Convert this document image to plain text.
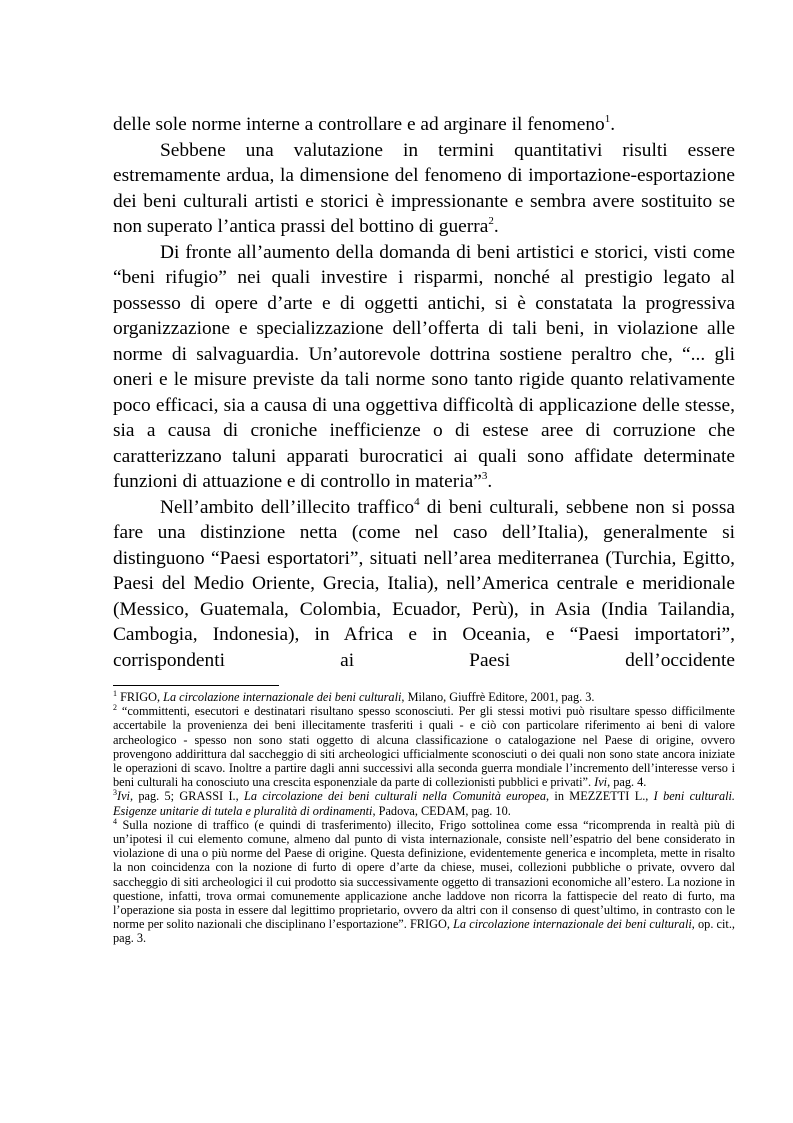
delle sole norme interne a controllare e ad arginare il fenomeno$^1$.

Sebbene una valutazione in termini quantitativi risulti essere estremamente ardua, la dimensione del fenomeno di importazione-esportazione dei beni culturali artisti e storici è impressionante e sembra avere sostituito se non superato l’antica prassi del bottino di guerra$^2$.

Di fronte all’aumento della domanda di beni artistici e storici, visti come “beni rifugio” nei quali investire i risparmi, nonché al prestigio legato al possesso di opere d’arte e di oggetti antichi, si è constatata la progressiva organizzazione e specializzazione dell’offerta di tali beni, in violazione alle norme di salvaguardia. Un’autorevole dottrina sostiene peraltro che, “... gli oneri e le misure previste da tali norme sono tanto rigide quanto relativamente poco efficaci, sia a causa di una oggettiva difficoltà di applicazione delle stesse, sia a causa di croniche inefficienze o di estese aree di corruzione che caratterizzano taluni apparati burocratici ai quali sono affidate determinate funzioni di attuazione e di controllo in materia”$^3$.

Nell’ambito dell’illecito traffico$^4$ di beni culturali, sebbene non si possa fare una distinzione netta (come nel caso dell’Italia), generalmente si distinguono “Paesi esportatori”, situati nell’area mediterranea (Turchia, Egitto, Paesi del Medio Oriente, Grecia, Italia), nell’America centrale e meridionale (Messico, Guatemala, Colombia, Ecuador, Perù), in Asia (India Tailandia, Cambogia, Indonesia), in Africa e in Oceania, e “Paesi importatori”, corrispondenti ai Paesi dell’occidente

$^1$ FRIGO, La circolazione internazionale dei beni culturali, Milano, Giuffrè Editore, 2001, pag. 3.

$^2$ “committenti, esecutori e destinatari risultano spesso sconosciuti. Per gli stessi motivi può risultare spesso difficilmente accertabile la provenienza dei beni illecitamente trasferiti i quali - e ciò con particolare riferimento ai beni di valore archeologico - spesso non sono stati oggetto di alcuna classificazione o catalogazione nel Paese di origine, ovvero provengono addirittura dal saccheggio di siti archeologici ufficialmente sconosciuti o dei quali non sono state ancora iniziate le operazioni di scavo. Inoltre a partire dagli anni successivi alla seconda guerra mondiale l’incremento dell’interesse verso i beni culturali ha conosciuto una crescita esponenziale da parte di collezionisti pubblici e privati”. Ivi, pag. 4.

$^3$Ivi, pag. 5; GRASSI I., La circolazione dei beni culturali nella Comunità europea, in MEZZETTI L., I beni culturali. Esigenze unitarie di tutela e pluralità di ordinamenti, Padova, CEDAM, pag. 10.

$^4$ Sulla nozione di traffico (e quindi di trasferimento) illecito, Frigo sottolinea come essa “ricomprenda in realtà più di un’ipotesi il cui elemento comune, almeno dal punto di vista internazionale, consiste nell’espatrio del bene considerato in violazione di una o più norme del Paese di origine. Questa definizione, evidentemente generica e incompleta, mette in risalto la non coincidenza con la nozione di furto di opere d’arte da chiese, musei, collezioni pubbliche o private, ovvero dal saccheggio di siti archeologici il cui prodotto sia successivamente oggetto di transazioni economiche all’estero. La nozione in questione, infatti, trova ormai comunemente applicazione anche laddove non ricorra la fattispecie del reato di furto, ma l’operazione sia posta in essere dal legittimo proprietario, ovvero da altri con il consenso di quest’ultimo, in contrasto con le norme per solito nazionali che disciplinano l’esportazione”. FRIGO, La circolazione internazionale dei beni culturali, op. cit., pag. 3.
